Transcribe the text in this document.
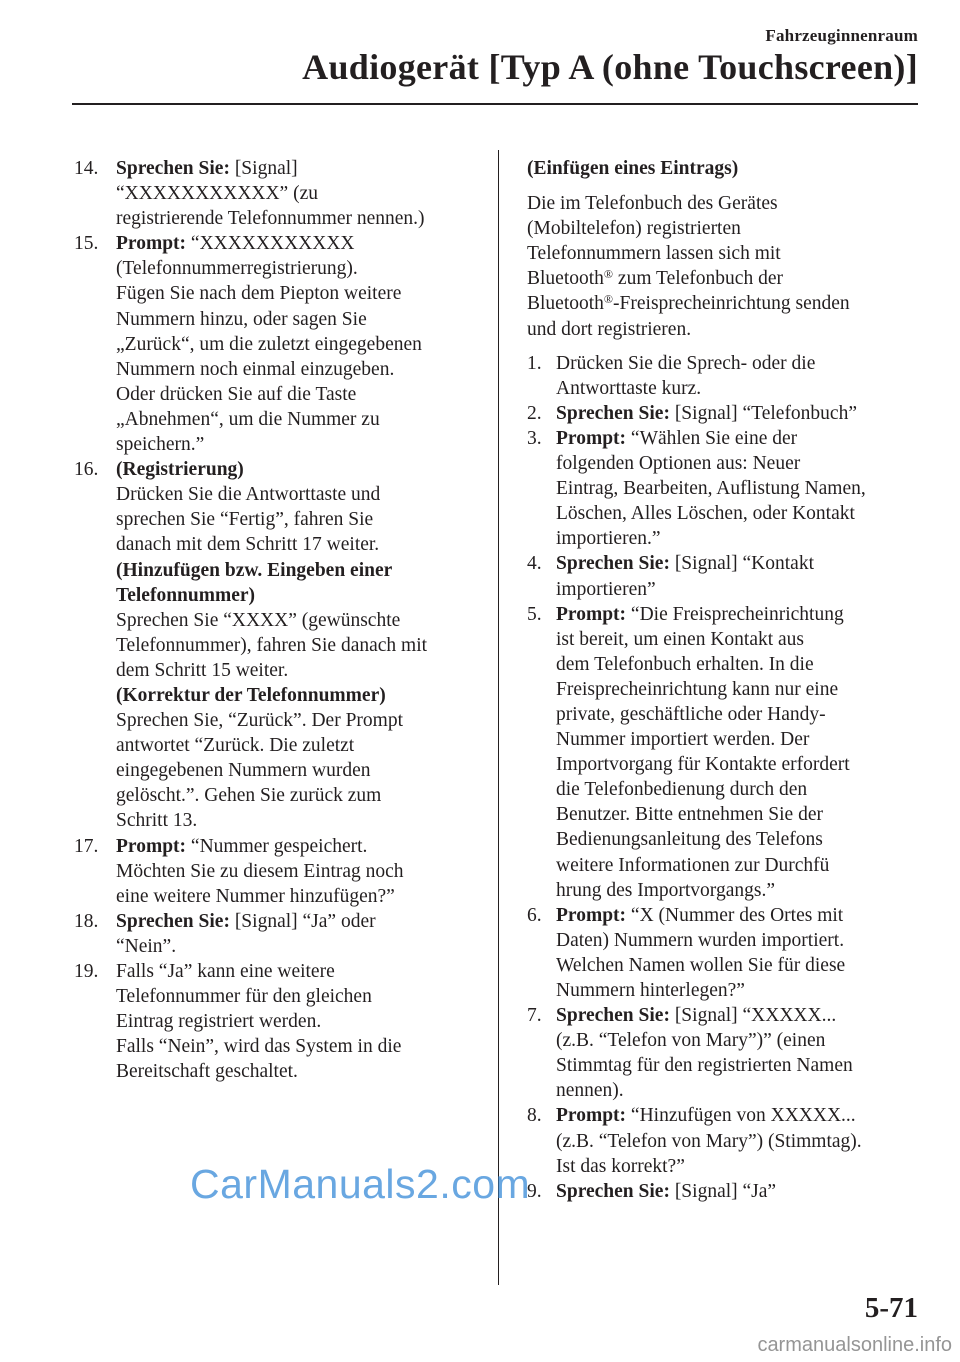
Fahrzeuginnenraum
Audiogerät [Typ A (ohne Touchscreen)]
14. Sprechen Sie: [Signal]
“XXXXXXXXXXX” (zu
registrierende Telefonnummer nennen.)
15. Prompt: “XXXXXXXXXXX
(Telefonnummerregistrierung).
Fügen Sie nach dem Piepton weitere
Nummern hinzu, oder sagen Sie
„Zurück“, um die zuletzt eingegebenen
Nummern noch einmal einzugeben.
Oder drücken Sie auf die Taste
„Abnehmen“, um die Nummer zu
speichern.”
16. (Registrierung)
Drücken Sie die Antworttaste und
sprechen Sie “Fertig”, fahren Sie
danach mit dem Schritt 17 weiter.
(Hinzufügen bzw. Eingeben einer
Telefonnummer)
Sprechen Sie “XXXX” (gewünschte
Telefonnummer), fahren Sie danach mit
dem Schritt 15 weiter.
(Korrektur der Telefonnummer)
Sprechen Sie, “Zurück”. Der Prompt
antwortet “Zurück. Die zuletzt
eingegebenen Nummern wurden
gelöscht.”. Gehen Sie zurück zum
Schritt 13.
17. Prompt: “Nummer gespeichert.
Möchten Sie zu diesem Eintrag noch
eine weitere Nummer hinzufügen?”
18. Sprechen Sie: [Signal] “Ja” oder
“Nein”.
19. Falls “Ja” kann eine weitere
Telefonnummer für den gleichen
Eintrag registriert werden.
Falls “Nein”, wird das System in die
Bereitschaft geschaltet.
(Einfügen eines Eintrags)
Die im Telefonbuch des Gerätes
(Mobiltelefon) registrierten
Telefonnummern lassen sich mit
Bluetooth® zum Telefonbuch der
Bluetooth®-Freisprecheinrichtung senden
und dort registrieren.
1. Drücken Sie die Sprech- oder die
Antworttaste kurz.
2. Sprechen Sie: [Signal] “Telefonbuch”
3. Prompt: “Wählen Sie eine der
folgenden Optionen aus: Neuer
Eintrag, Bearbeiten, Auflistung Namen,
Löschen, Alles Löschen, oder Kontakt
importieren.”
4. Sprechen Sie: [Signal] “Kontakt
importieren”
5. Prompt: “Die Freisprecheinrichtung
ist bereit, um einen Kontakt aus
dem Telefonbuch erhalten. In die
Freisprecheinrichtung kann nur eine
private, geschäftliche oder Handy-
Nummer importiert werden. Der
Importvorgang für Kontakte erfordert
die Telefonbedienung durch den
Benutzer. Bitte entnehmen Sie der
Bedienungsanleitung des Telefons
weitere Informationen zur Durchfü
hrung des Importvorgangs.”
6. Prompt: “X (Nummer des Ortes mit
Daten) Nummern wurden importiert.
Welchen Namen wollen Sie für diese
Nummern hinterlegen?”
7. Sprechen Sie: [Signal] “XXXXX...
(z.B. “Telefon von Mary”)” (einen
Stimmtag für den registrierten Namen
nennen).
8. Prompt: “Hinzufügen von XXXXX...
(z.B. “Telefon von Mary”) (Stimmtag).
Ist das korrekt?”
9. Sprechen Sie: [Signal] “Ja”
CarManuals2.com
5-71
carmanualsonline.info
